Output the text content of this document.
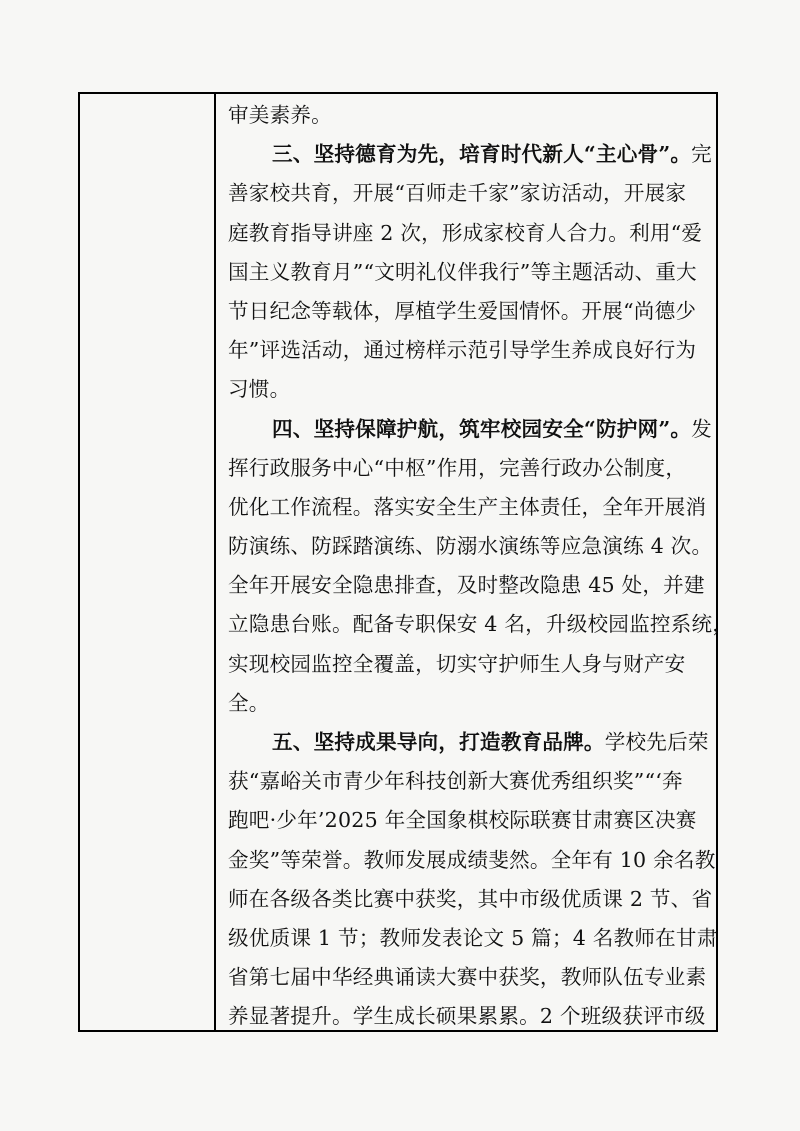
审美素养。
三、坚持德育为先，培育时代新人“主心骨”。完
善家校共育，开展“百师走千家”家访活动，开展家
庭教育指导讲座 2 次，形成家校育人合力。利用“爱
国主义教育月”“文明礼仪伴我行”等主题活动、重大
节日纪念等载体，厚植学生爱国情怀。开展“尚德少
年”评选活动，通过榜样示范引导学生养成良好行为
习惯。
四、坚持保障护航，筑牢校园安全“防护网”。发
挥行政服务中心“中枢”作用，完善行政办公制度，
优化工作流程。落实安全生产主体责任，全年开展消
防演练、防踩踏演练、防溺水演练等应急演练 4 次。
全年开展安全隐患排查，及时整改隐患 45 处，并建
立隐患台账。配备专职保安 4 名，升级校园监控系统，
实现校园监控全覆盖，切实守护师生人身与财产安
全。
五、坚持成果导向，打造教育品牌。学校先后荣
获“嘉峪关市青少年科技创新大赛优秀组织奖”“‘奔
跑吧·少年’2025 年全国象棋校际联赛甘肃赛区决赛
金奖”等荣誉。教师发展成绩斐然。全年有 10 余名教
师在各级各类比赛中获奖，其中市级优质课 2 节、省
级优质课 1 节；教师发表论文 5 篇；4 名教师在甘肃
省第七届中华经典诵读大赛中获奖，教师队伍专业素
养显著提升。学生成长硕果累累。2 个班级获评市级
